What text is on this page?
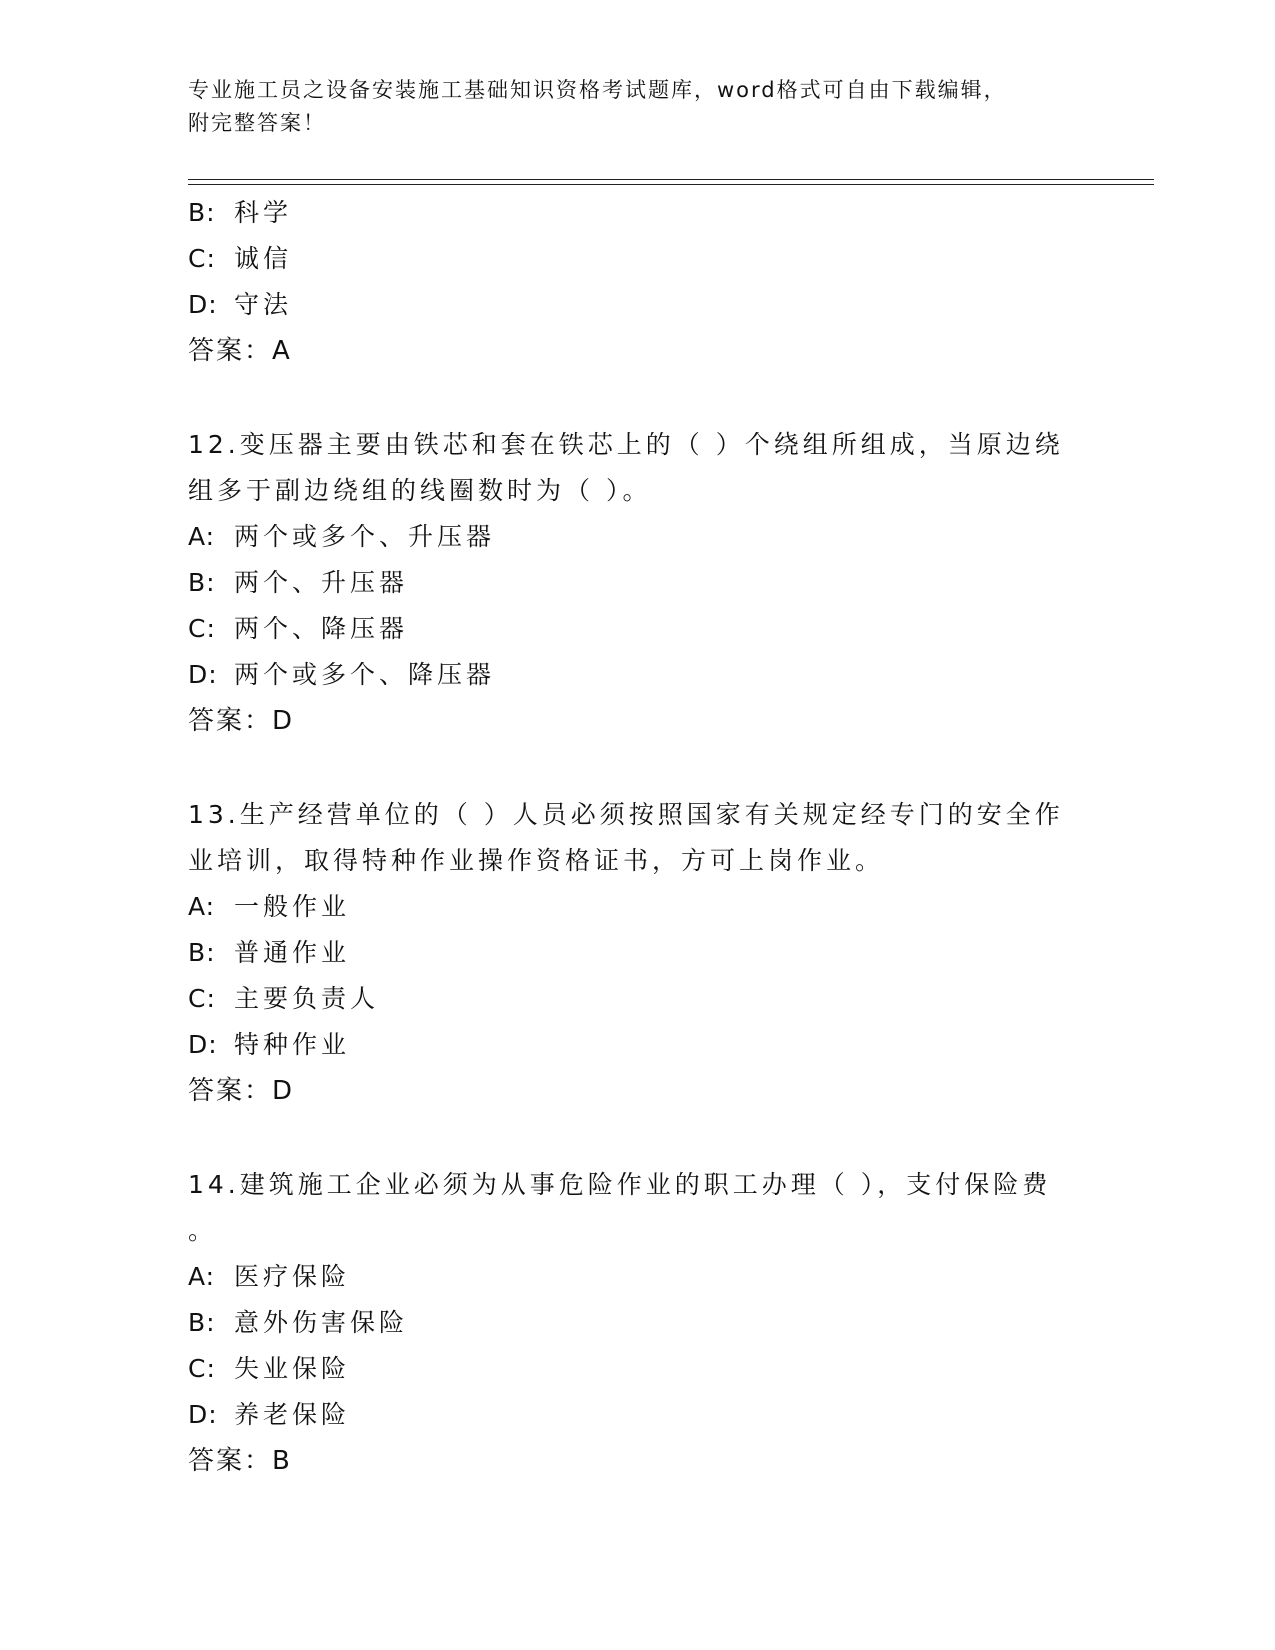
专业施工员之设备安装施工基础知识资格考试题库，word格式可自由下载编辑，
附完整答案！
B: 科学
C: 诚信
D: 守法
答案：A
12.变压器主要由铁芯和套在铁芯上的（ ）个绕组所组成，当原边绕
组多于副边绕组的线圈数时为（ ）。
A: 两个或多个、升压器
B: 两个、升压器
C: 两个、降压器
D: 两个或多个、降压器
答案：D
13.生产经营单位的（ ）人员必须按照国家有关规定经专门的安全作
业培训，取得特种作业操作资格证书，方可上岗作业。
A: 一般作业
B: 普通作业
C: 主要负责人
D: 特种作业
答案：D
14.建筑施工企业必须为从事危险作业的职工办理（ ），支付保险费
。
A: 医疗保险
B: 意外伤害保险
C: 失业保险
D: 养老保险
答案：B
